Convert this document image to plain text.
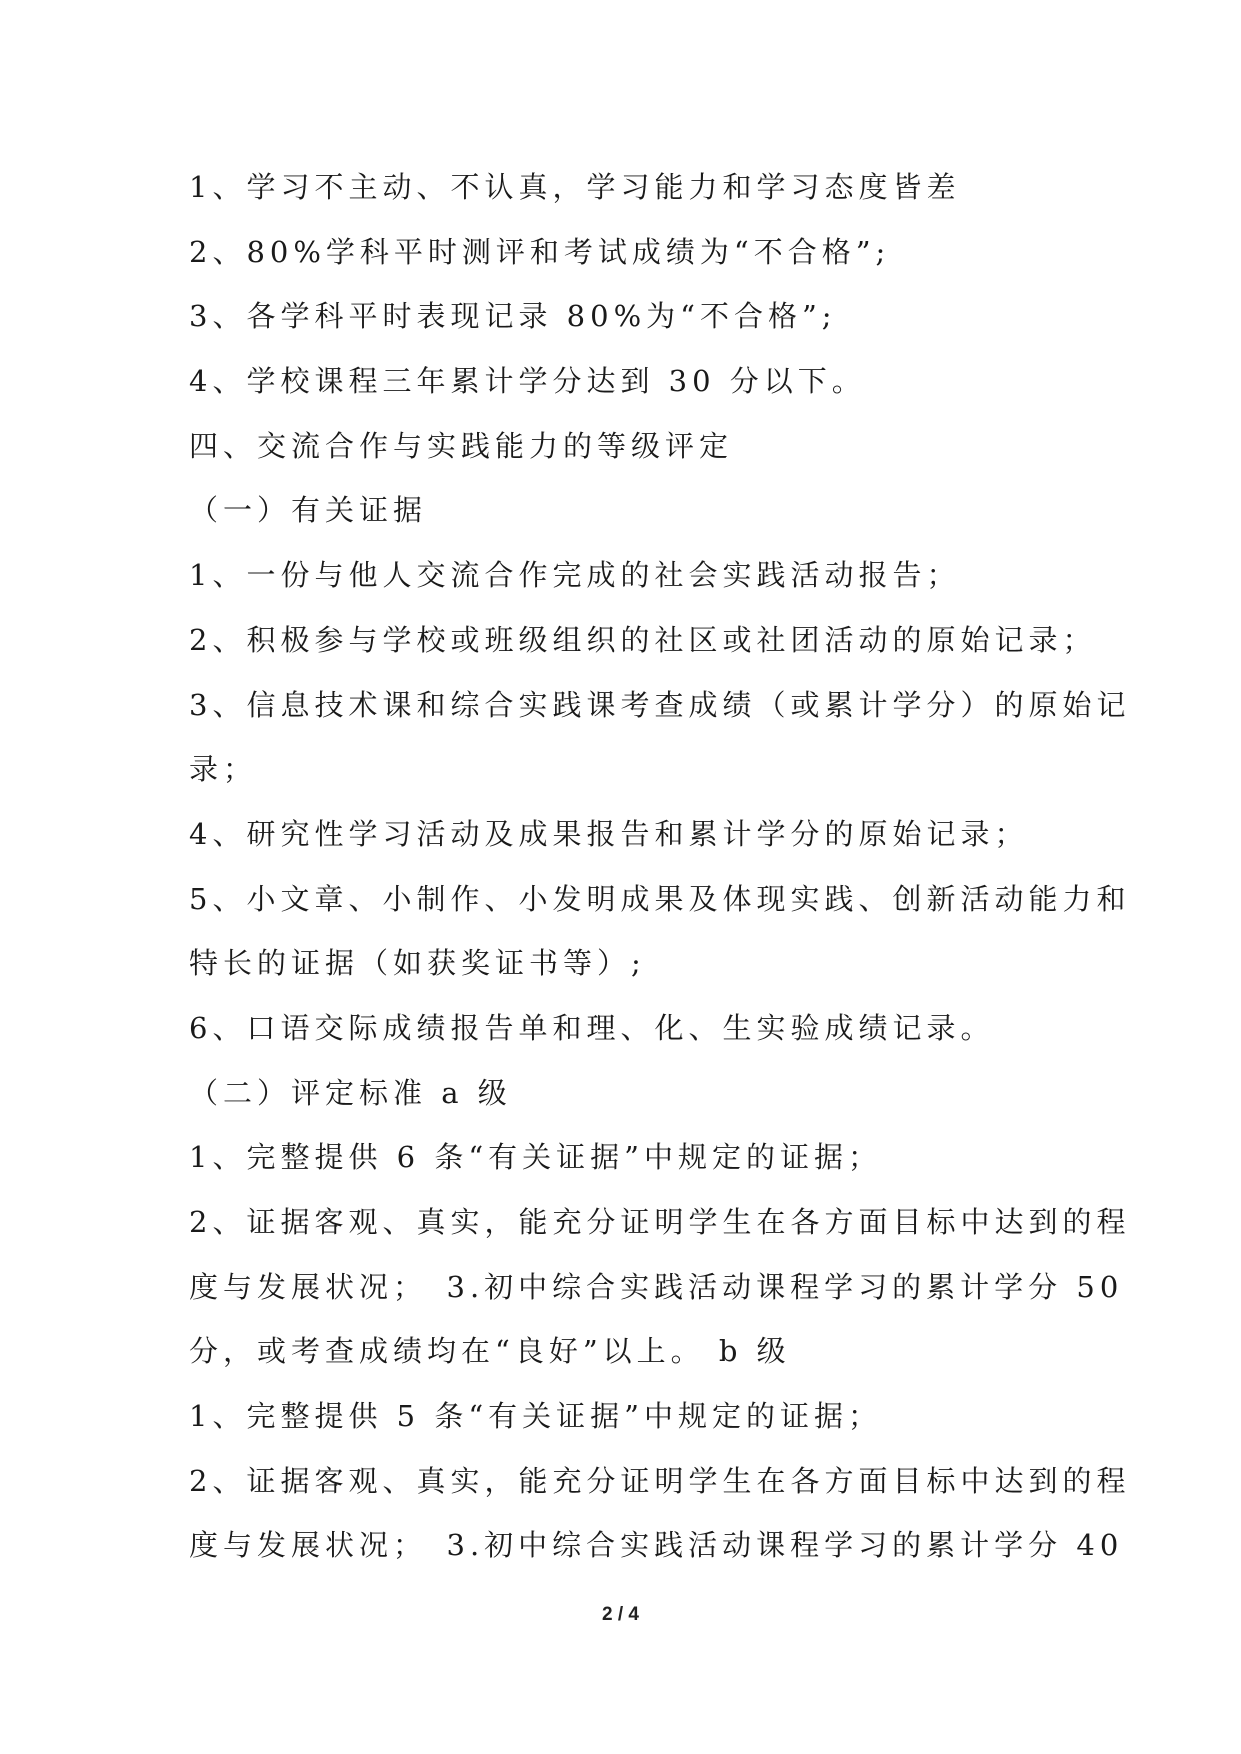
1、学习不主动、不认真，学习能力和学习态度皆差
2、80%学科平时测评和考试成绩为“不合格”;
3、各学科平时表现记录 80%为“不合格”;
4、学校课程三年累计学分达到 30 分以下。
四、交流合作与实践能力的等级评定
（一）有关证据
1、一份与他人交流合作完成的社会实践活动报告；
2、积极参与学校或班级组织的社区或社团活动的原始记录；
3、信息技术课和综合实践课考查成绩（或累计学分）的原始记
录；
4、研究性学习活动及成果报告和累计学分的原始记录；
5、小文章、小制作、小发明成果及体现实践、创新活动能力和
特长的证据（如获奖证书等）;
6、口语交际成绩报告单和理、化、生实验成绩记录。
（二）评定标准 a 级
1、完整提供 6 条“有关证据”中规定的证据；
2、证据客观、真实，能充分证明学生在各方面目标中达到的程
度与发展状况；　3.初中综合实践活动课程学习的累计学分 50
分，或考查成绩均在“良好”以上。 b 级
1、完整提供 5 条“有关证据”中规定的证据；
2、证据客观、真实，能充分证明学生在各方面目标中达到的程
度与发展状况；　3.初中综合实践活动课程学习的累计学分 40
2 / 4
